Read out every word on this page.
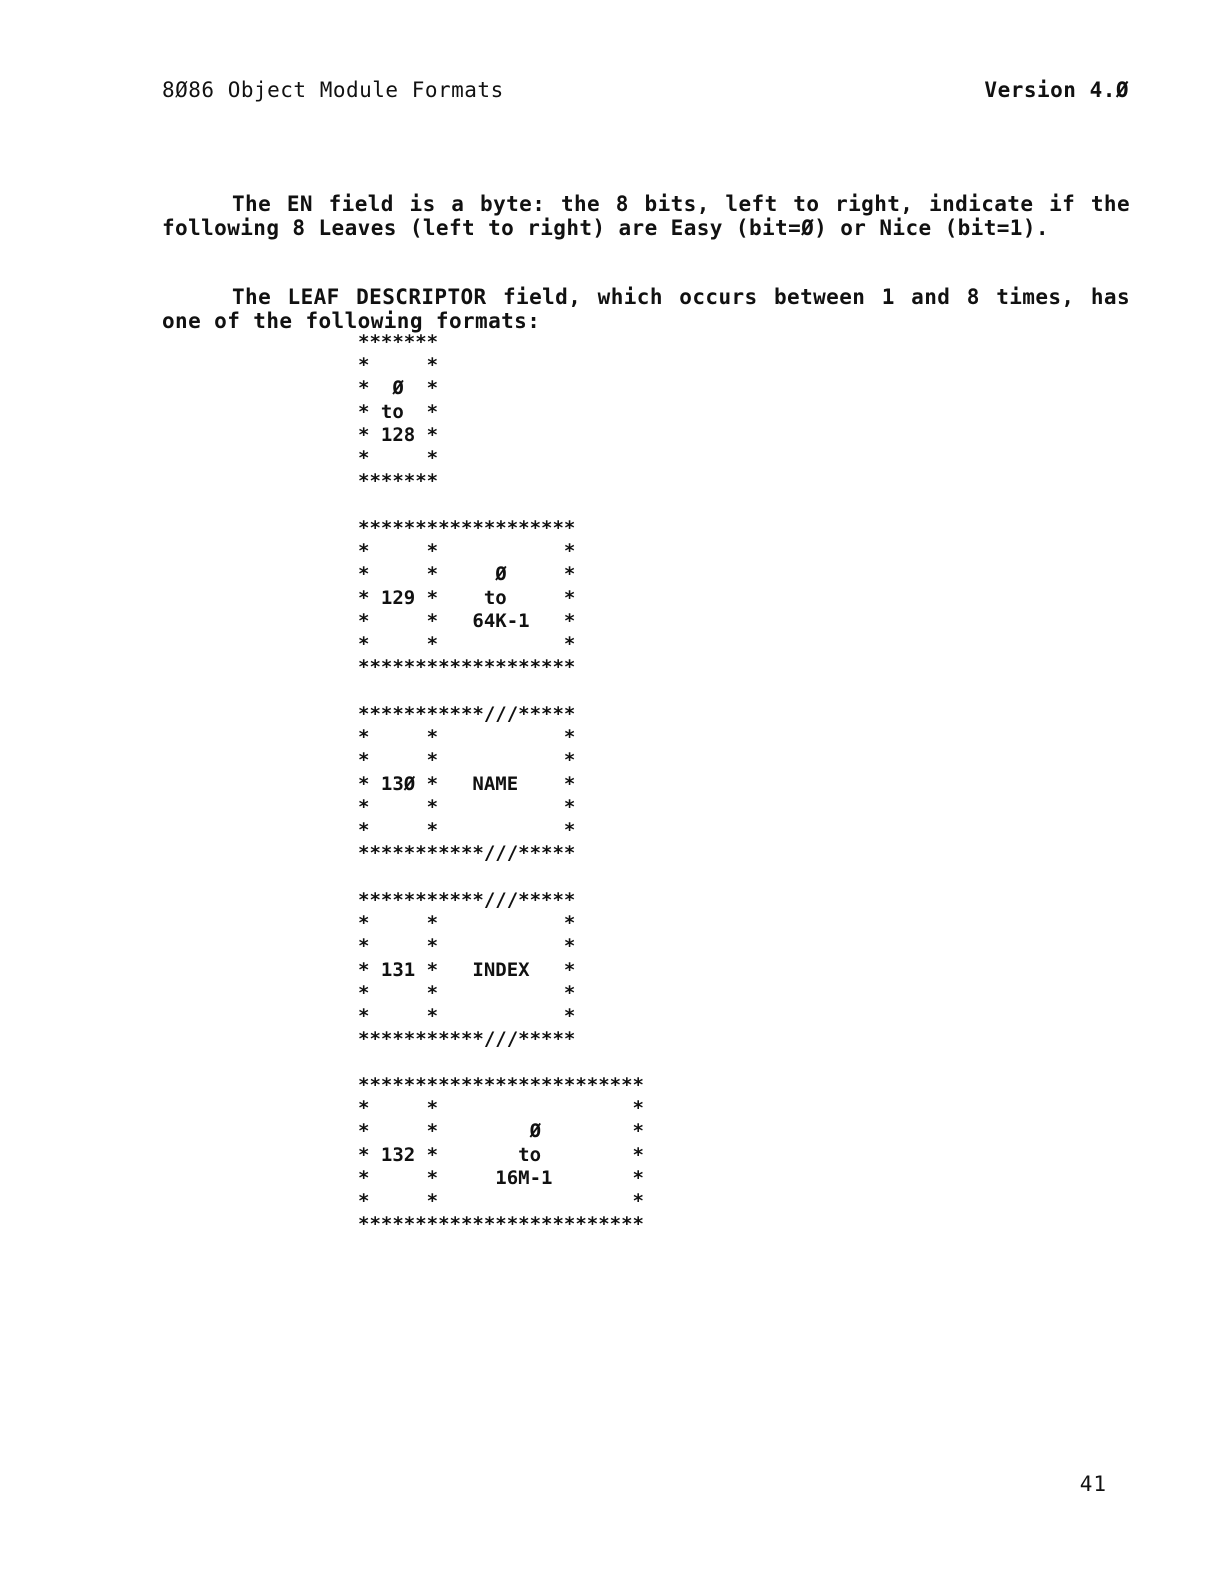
8Ø86 Object Module Formats	Version 4.Ø

The EN field is a byte: the 8 bits, left to right, indicate if the following 8 Leaves (left to right) are Easy (bit=Ø) or Nice (bit=1).

The LEAF DESCRIPTOR field, which occurs between 1 and 8 times, has one of the following formats:

*******
*     *
*  Ø  *
* to  *
* 128 *
*     *
*******
*******************
*     *           *
*     *     Ø     *
* 129 *    to     *
*     *   64K-1   *
*     *           *
*******************
***********///*****
*     *           *
*     *           *
* 13Ø *   NAME    *
*     *           *
*     *           *
***********///*****
***********///*****
*     *           *
*     *           *
* 131 *   INDEX   *
*     *           *
*     *           *
***********///*****
*************************
*     *                 *
*     *        Ø        *
* 132 *       to        *
*     *     16M-1       *
*     *                 *
*************************
41
